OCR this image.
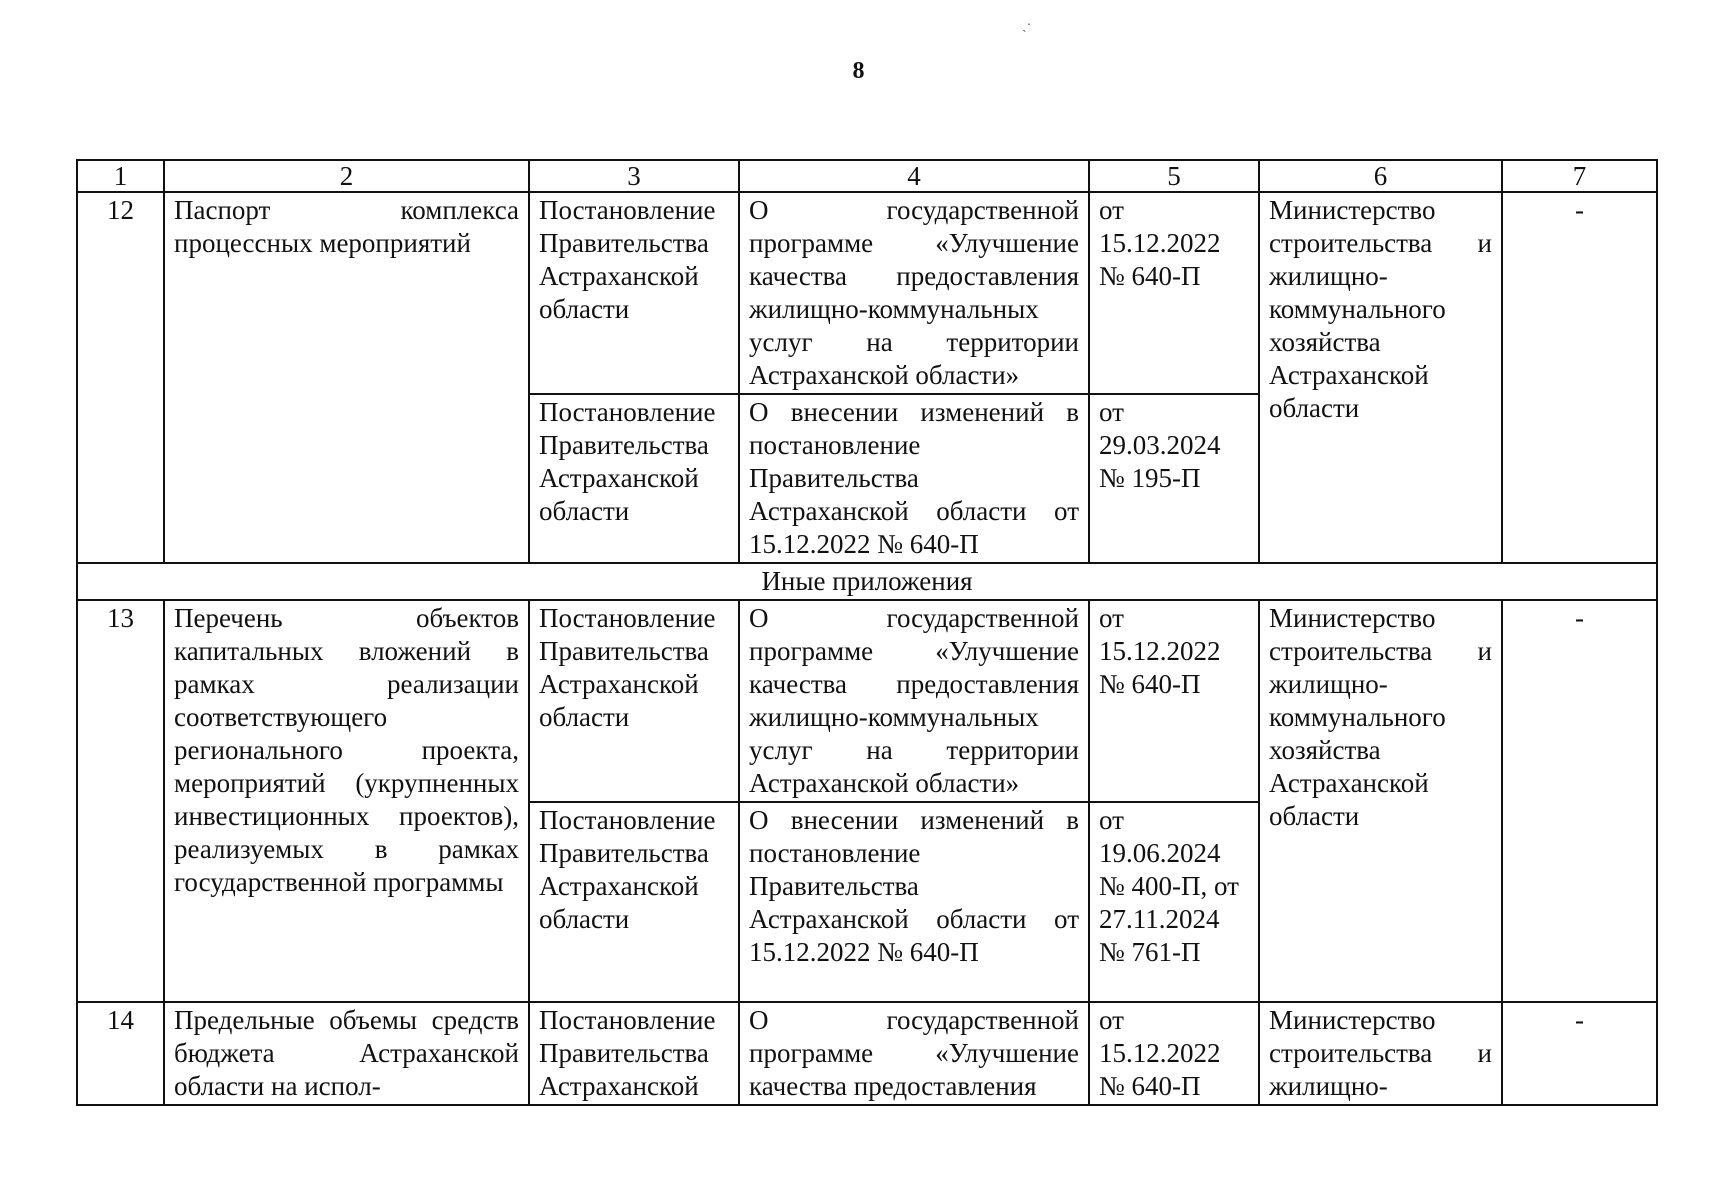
8
ˏ·
1	2	3	4	5	6	7
12	Паспорт комплекса процессных мероприятий	Постановление Правительства Астраханской области	О государственной программе «Улучшение качества предоставления жилищно-коммунальных услуг на территории Астраханской области»	от 15.12.2022 № 640-П	Министерство строительства и жилищно-коммунального хозяйства Астраханской области	-
		Постановление Правительства Астраханской области	О внесении изменений в постановление Правительства Астраханской области от 15.12.2022 № 640-П	от 29.03.2024 № 195-П		
Иные приложения						
13	Перечень объектов капитальных вложений в рамках реализации соответствующего регионального проекта, мероприятий (укрупненных инвестиционных проектов), реализуемых в рамках государственной программы	Постановление Правительства Астраханской области	О государственной программе «Улучшение качества предоставления жилищно-коммунальных услуг на территории Астраханской области»	от 15.12.2022 № 640-П	Министерство строительства и жилищно-коммунального хозяйства Астраханской области	-
		Постановление Правительства Астраханской области	О внесении изменений в постановление Правительства Астраханской области от 15.12.2022 № 640-П	от 19.06.2024 № 400-П, от 27.11.2024 № 761-П		
14	Предельные объемы средств бюджета Астраханской области на испол-	Постановление Правительства Астраханской	О государственной программе «Улучшение качества предоставления	от 15.12.2022 № 640-П	Министерство строительства и жилищно-	-
